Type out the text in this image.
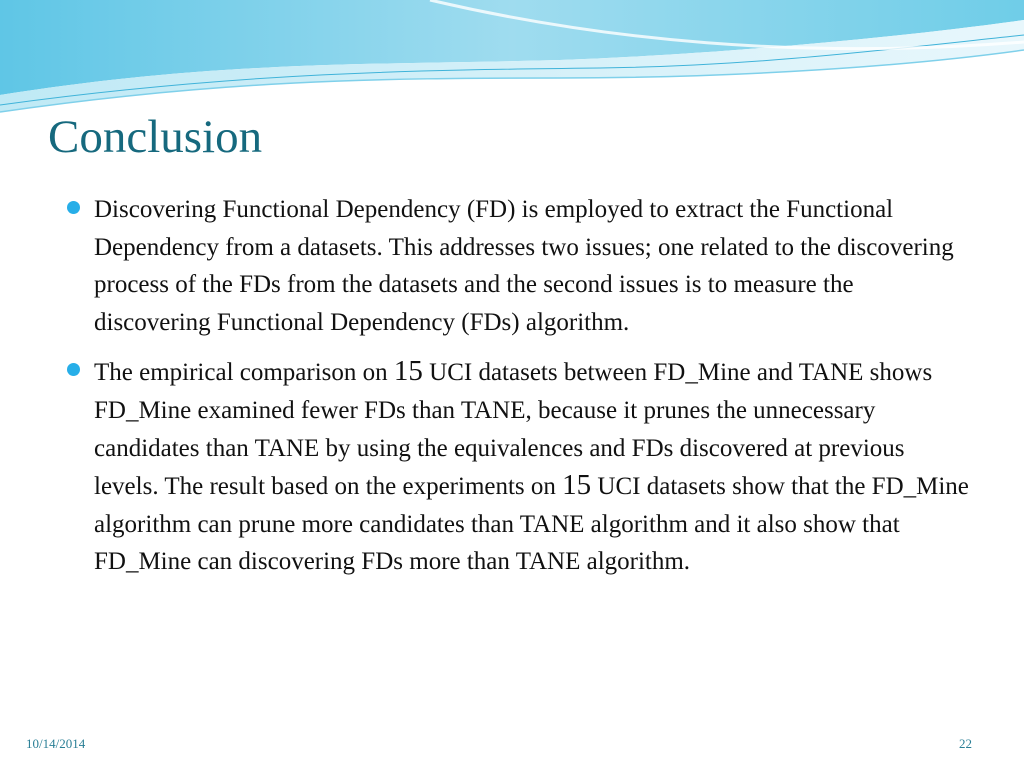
Conclusion
Discovering Functional Dependency (FD) is employed to extract the Functional Dependency from a datasets. This addresses two issues; one related to the discovering process of the FDs from the datasets and the second issues is to measure the discovering Functional Dependency (FDs) algorithm.
The empirical comparison on 15 UCI datasets between FD_Mine and TANE shows FD_Mine examined fewer FDs than TANE, because it prunes the unnecessary candidates than TANE by using the equivalences and FDs discovered at previous levels. The result based on the experiments on 15 UCI datasets show that the FD_Mine algorithm can prune more candidates than TANE algorithm and it also show that FD_Mine can discovering FDs more than TANE algorithm.
10/14/2014	22
